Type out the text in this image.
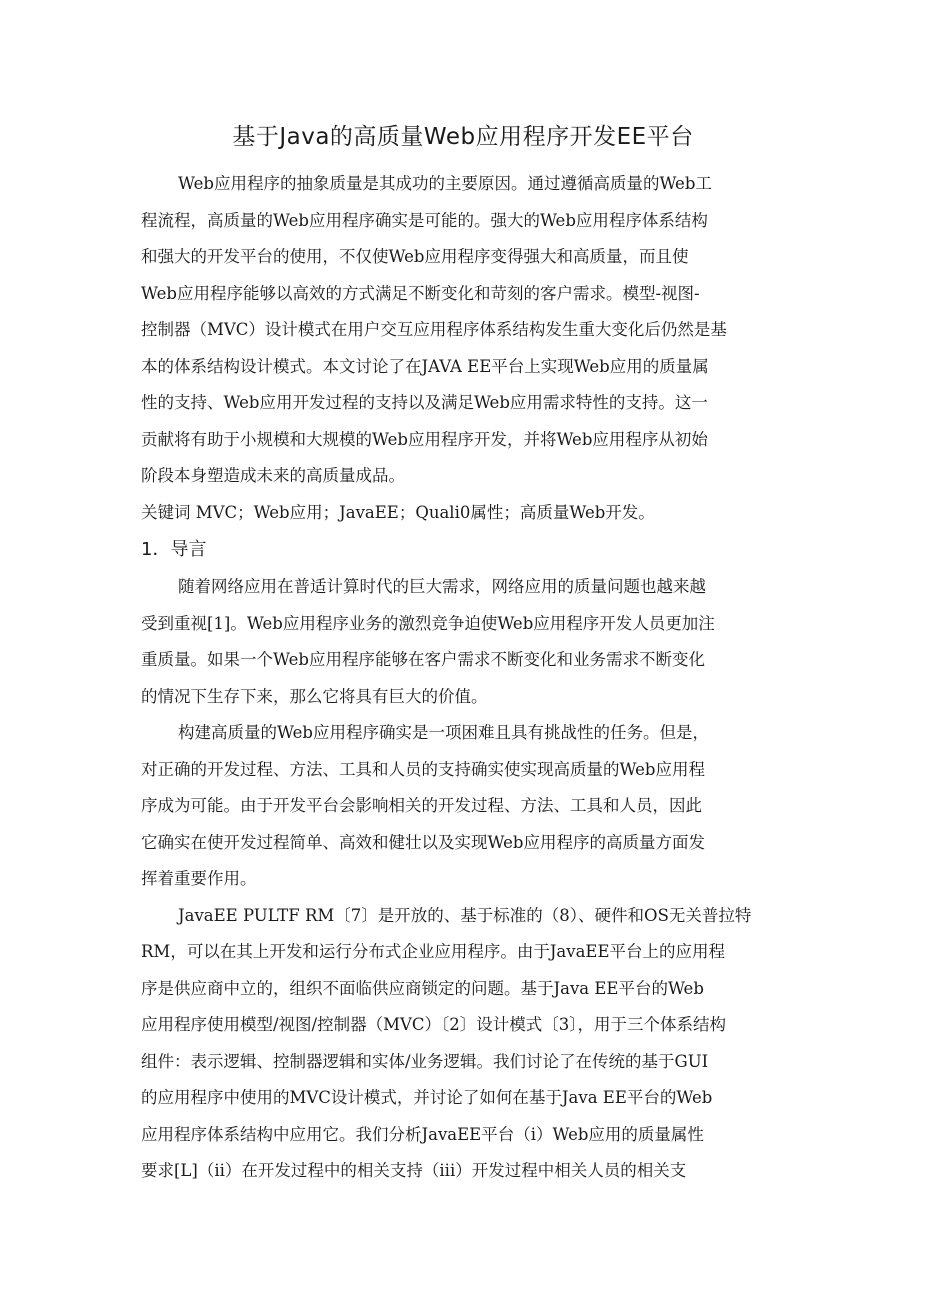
基于Java的高质量Web应用程序开发EE平台
Web应用程序的抽象质量是其成功的主要原因。通过遵循高质量的Web工
程流程，高质量的Web应用程序确实是可能的。强大的Web应用程序体系结构
和强大的开发平台的使用，不仅使Web应用程序变得强大和高质量，而且使
Web应用程序能够以高效的方式满足不断变化和苛刻的客户需求。模型-视图-
控制器（MVC）设计模式在用户交互应用程序体系结构发生重大变化后仍然是基
本的体系结构设计模式。本文讨论了在JAVA EE平台上实现Web应用的质量属
性的支持、Web应用开发过程的支持以及满足Web应用需求特性的支持。这一
贡献将有助于小规模和大规模的Web应用程序开发，并将Web应用程序从初始
阶段本身塑造成未来的高质量成品。
关键词 MVC；Web应用；JavaEE；Quali0属性；高质量Web开发。
1．导言
随着网络应用在普适计算时代的巨大需求，网络应用的质量问题也越来越
受到重视[1]。Web应用程序业务的激烈竞争迫使Web应用程序开发人员更加注
重质量。如果一个Web应用程序能够在客户需求不断变化和业务需求不断变化
的情况下生存下来，那么它将具有巨大的价值。
构建高质量的Web应用程序确实是一项困难且具有挑战性的任务。但是，
对正确的开发过程、方法、工具和人员的支持确实使实现高质量的Web应用程
序成为可能。由于开发平台会影响相关的开发过程、方法、工具和人员，因此
它确实在使开发过程简单、高效和健壮以及实现Web应用程序的高质量方面发
挥着重要作用。
JavaEE PULTF RM〔7〕是开放的、基于标准的（8）、硬件和OS无关普拉特
RM，可以在其上开发和运行分布式企业应用程序。由于JavaEE平台上的应用程
序是供应商中立的，组织不面临供应商锁定的问题。基于Java EE平台的Web
应用程序使用模型/视图/控制器（MVC）〔2〕设计模式〔3〕，用于三个体系结构
组件：表示逻辑、控制器逻辑和实体/业务逻辑。我们讨论了在传统的基于GUI
的应用程序中使用的MVC设计模式，并讨论了如何在基于Java EE平台的Web
应用程序体系结构中应用它。我们分析JavaEE平台（i）Web应用的质量属性
要求[L]（ii）在开发过程中的相关支持（iii）开发过程中相关人员的相关支
